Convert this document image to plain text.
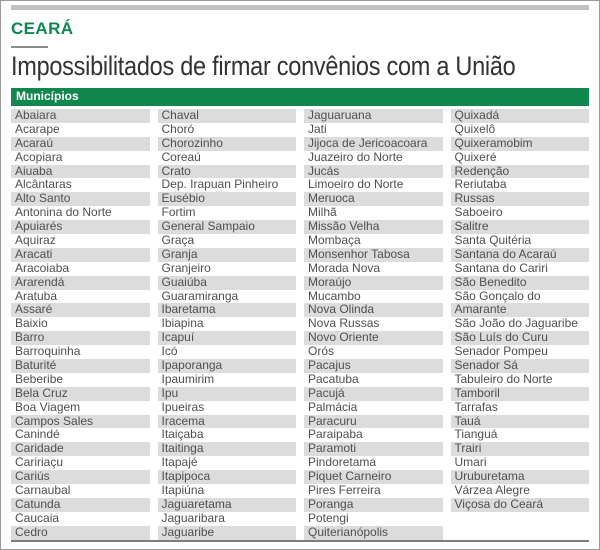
CEARÁ
Impossibilitados de firmar convênios com a União
Municípios
Abaiara
Acarape
Acaraú
Acopiara
Aiuaba
Alcântaras
Alto Santo
Antonina do Norte
Apuiarés
Aquiraz
Aracati
Aracoiaba
Ararendá
Aratuba
Assaré
Baixio
Barro
Barroquinha
Baturité
Beberibe
Bela Cruz
Boa Viagem
Campos Sales
Canindé
Caridade
Caririaçu
Cariús
Carnaubal
Catunda
Caucaia
Cedro
Chaval
Choró
Chorozinho
Coreaú
Crato
Dep. Irapuan Pinheiro
Eusébio
Fortim
General Sampaio
Graça
Granja
Granjeiro
Guaiúba
Guaramiranga
Ibaretama
Ibiapina
Icapuí
Icó
Ipaporanga
Ipaumirim
Ipu
Ipueiras
Iracema
Itaiçaba
Itaitinga
Itapajé
Itapipoca
Itapiúna
Jaguaretama
Jaguaribara
Jaguaribe
Jaguaruana
Jati
Jijoca de Jericoacoara
Juazeiro do Norte
Jucás
Limoeiro do Norte
Meruoca
Milhã
Missão Velha
Mombaça
Monsenhor Tabosa
Morada Nova
Moraújo
Mucambo
Nova Olinda
Nova Russas
Novo Oriente
Orós
Pacajus
Pacatuba
Pacujá
Palmácia
Paracuru
Paraipaba
Paramoti
Pindoretama
Piquet Carneiro
Pires Ferreira
Poranga
Potengi
Quiterianópolis
Quixadá
Quixelô
Quixeramobim
Quixeré
Redenção
Reriutaba
Russas
Saboeiro
Salitre
Santa Quitéria
Santana do Acaraú
Santana do Cariri
São Benedito
São Gonçalo do
Amarante
São João do Jaguaribe
São Luís do Curu
Senador Pompeu
Senador Sá
Tabuleiro do Norte
Tamboril
Tarrafas
Tauá
Tianguá
Trairi
Umari
Uruburetama
Várzea Alegre
Viçosa do Ceará
